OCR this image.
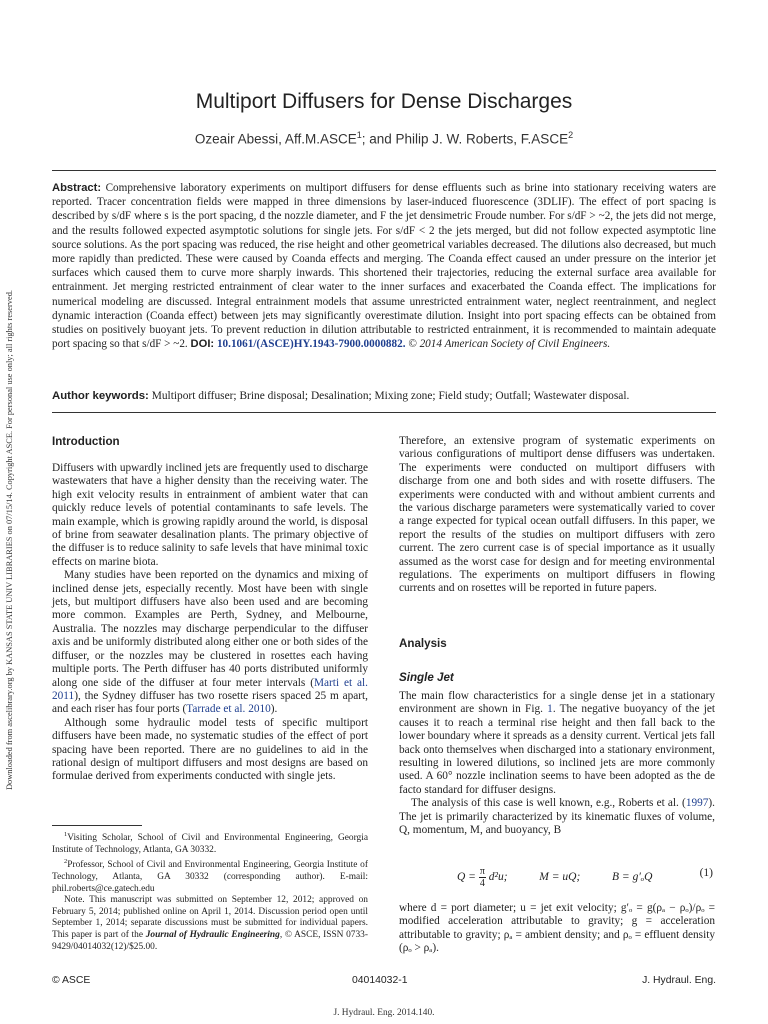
Downloaded from ascelibrary.org by KANSAS STATE UNIV LIBRARIES on 07/15/14. Copyright ASCE. For personal use only; all rights reserved.
Multiport Diffusers for Dense Discharges
Ozeair Abessi, Aff.M.ASCE$^1$; and Philip J. W. Roberts, F.ASCE$^2$
Abstract: Comprehensive laboratory experiments on multiport diffusers for dense effluents such as brine into stationary receiving waters are reported. Tracer concentration fields were mapped in three dimensions by laser-induced fluorescence (3DLIF). The effect of port spacing is described by s/dF where s is the port spacing, d the nozzle diameter, and F the jet densimetric Froude number. For s/dF > ~2, the jets did not merge, and the results followed expected asymptotic solutions for single jets. For s/dF < 2 the jets merged, but did not follow expected asymptotic line source solutions. As the port spacing was reduced, the rise height and other geometrical variables decreased. The dilutions also decreased, but much more rapidly than predicted. These were caused by Coanda effects and merging. The Coanda effect caused an under pressure on the interior jet surfaces which caused them to curve more sharply inwards. This shortened their trajectories, reducing the external surface area available for entrainment. Jet merging restricted entrainment of clear water to the inner surfaces and exacerbated the Coanda effect. The implications for numerical modeling are discussed. Integral entrainment models that assume unrestricted entrainment water, neglect reentrainment, and neglect dynamic interaction (Coanda effect) between jets may significantly overestimate dilution. Insight into port spacing effects can be obtained from studies on positively buoyant jets. To prevent reduction in dilution attributable to restricted entrainment, it is recommended to maintain adequate port spacing so that s/dF > ~2. DOI: 10.1061/(ASCE)HY.1943-7900.0000882. © 2014 American Society of Civil Engineers.
Author keywords: Multiport diffuser; Brine disposal; Desalination; Mixing zone; Field study; Outfall; Wastewater disposal.
Introduction

Diffusers with upwardly inclined jets are frequently used to discharge wastewaters that have a higher density than the receiving water. The high exit velocity results in entrainment of ambient water that can quickly reduce levels of potential contaminants to safe levels. The main example, which is growing rapidly around the world, is disposal of brine from seawater desalination plants. The primary objective of the diffuser is to reduce salinity to safe levels that have minimal toxic effects on marine biota.

Many studies have been reported on the dynamics and mixing of inclined dense jets, especially recently. Most have been with single jets, but multiport diffusers have also been used and are becoming more common. Examples are Perth, Sydney, and Melbourne, Australia. The nozzles may discharge perpendicular to the diffuser axis and be uniformly distributed along either one or both sides of the diffuser, or the nozzles may be clustered in rosettes each having multiple ports. The Perth diffuser has 40 ports distributed uniformly along one side of the diffuser at four meter intervals (Marti et al. 2011), the Sydney diffuser has two rosette risers spaced 25 m apart, and each riser has four ports (Tarrade et al. 2010).

Although some hydraulic model tests of specific multiport diffusers have been made, no systematic studies of the effect of port spacing have been reported. There are no guidelines to aid in the rational design of multiport diffusers and most designs are based on formulae derived from experiments conducted with single jets.

$^1$Visiting Scholar, School of Civil and Environmental Engineering, Georgia Institute of Technology, Atlanta, GA 30332.

$^2$Professor, School of Civil and Environmental Engineering, Georgia Institute of Technology, Atlanta, GA 30332 (corresponding author). E-mail: phil.roberts@ce.gatech.edu

Note. This manuscript was submitted on September 12, 2012; approved on February 5, 2014; published online on April 1, 2014. Discussion period open until September 1, 2014; separate discussions must be submitted for individual papers. This paper is part of the Journal of Hydraulic Engineering, © ASCE, ISSN 0733-9429/04014032(12)/$25.00.

Therefore, an extensive program of systematic experiments on various configurations of multiport dense diffusers was undertaken. The experiments were conducted on multiport diffusers with discharge from one and both sides and with rosette diffusers. The experiments were conducted with and without ambient currents and the various discharge parameters were systematically varied to cover a range expected for typical ocean outfall diffusers. In this paper, we report the results of the studies on multiport diffusers with zero current. The zero current case is of special importance as it usually assumed as the worst case for design and for meeting environmental regulations. The experiments on multiport diffusers in flowing currents and on rosettes will be reported in future papers.

Analysis
Single Jet

The main flow characteristics for a single dense jet in a stationary environment are shown in Fig. 1. The negative buoyancy of the jet causes it to reach a terminal rise height and then fall back to the lower boundary where it spreads as a density current. Vertical jets fall back onto themselves when discharged into a stationary environment, resulting in lowered dilutions, so inclined jets are more commonly used. A 60° nozzle inclination seems to have been adopted as the de facto standard for diffuser designs.

The analysis of this case is well known, e.g., Roberts et al. (1997). The jet is primarily characterized by its kinematic fluxes of volume, Q, momentum, M, and buoyancy, B

$Q = \frac{\pi}{4} d^2u$;	M = uQ;	B = g′ₒQ	(1)

where d = port diameter; u = jet exit velocity; g′ₒ = g(ρₐ − ρₒ)/ρₒ = modified acceleration attributable to gravity; g = acceleration attributable to gravity; ρₐ = ambient density; and ρₒ = effluent density (ρₒ > ρₐ).

© ASCE	04014032-1	J. Hydraul. Eng.
J. Hydraul. Eng. 2014.140.
